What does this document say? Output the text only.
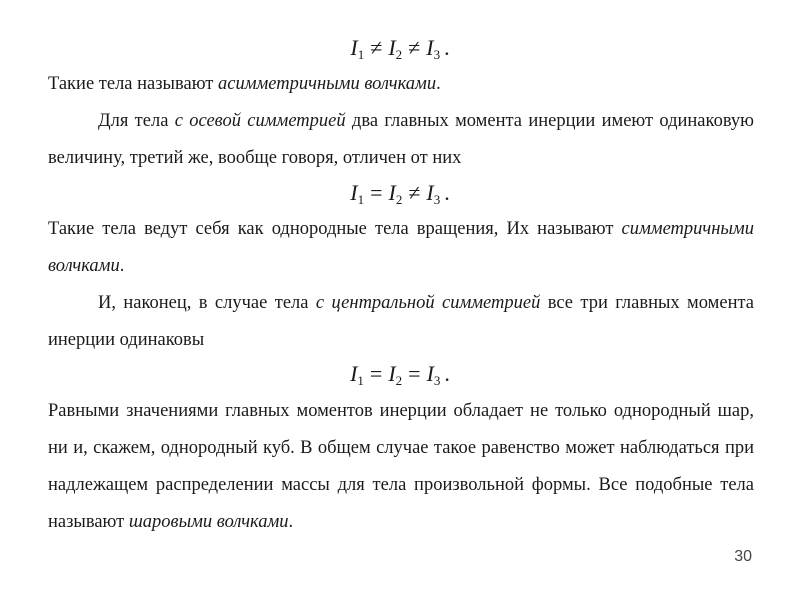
$I_1 \ne I_2 \ne I_3$ .

Такие тела называют асимметричными волчками.

Для тела с осевой симметрией два главных момента инерции имеют одинаковую величину, третий же, вообще говоря, отличен от них

$I_1 = I_2 \ne I_3$ .

Такие тела ведут себя как однородные тела вращения, Их называют симметричными волчками.

И, наконец, в случае тела с центральной симметрией все три главных момента инерции одинаковы

$I_1 = I_2 = I_3$ .

Равными значениями главных моментов инерции обладает не только однородный шар, ни и, скажем, однородный куб. В общем случае такое равенство может наблюдаться при надлежащем распределении массы для тела произвольной формы. Все подобные тела называют шаровыми волчками.

30
